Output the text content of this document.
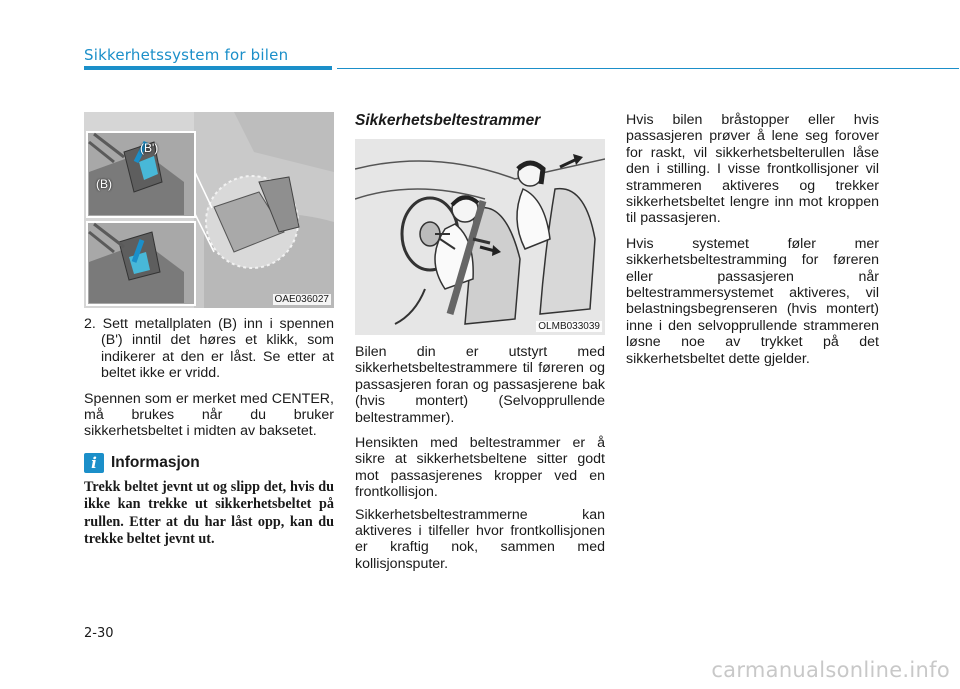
Sikkerhetssystem for bilen
(B')
(B)
OAE036027

2. Sett metallplaten (B) inn i spennen (B') inntil det høres et klikk, som indikerer at den er låst. Se etter at beltet ikke er vridd.

Spennen som er merket med CENTER, må brukes når du bruker sikkerhetsbeltet i midten av baksetet.

i Informasjon

Trekk beltet jevnt ut og slipp det, hvis du ikke kan trekke ut sikkerhetsbeltet på rullen. Etter at du har låst opp, kan du trekke beltet jevnt ut.

Sikkerhetsbeltestrammer
OLMB033039

Bilen din er utstyrt med sikkerhetsbeltestrammere til føreren og passasjeren foran og passasjerene bak (hvis montert) (Selvopprullende beltestrammer).

Hensikten med beltestrammer er å sikre at sikkerhetsbeltene sitter godt mot passasjerenes kropper ved en frontkollisjon.

Sikkerhetsbeltestrammerne kan aktiveres i tilfeller hvor frontkollisjonen er kraftig nok, sammen med kollisjonsputer.

Hvis bilen bråstopper eller hvis passasjeren prøver å lene seg forover for raskt, vil sikkerhetsbelterullen låse den i stilling. I visse frontkollisjoner vil strammeren aktiveres og trekker sikkerhetsbeltet lengre inn mot kroppen til passasjeren.

Hvis systemet føler mer sikkerhetsbeltestramming for føreren eller passasjeren når beltestrammersystemet aktiveres, vil belastningsbegrenseren (hvis montert) inne i den selvopprullende strammeren løsne noe av trykket på det sikkerhetsbeltet dette gjelder.

2-30
carmanualsonline.info
